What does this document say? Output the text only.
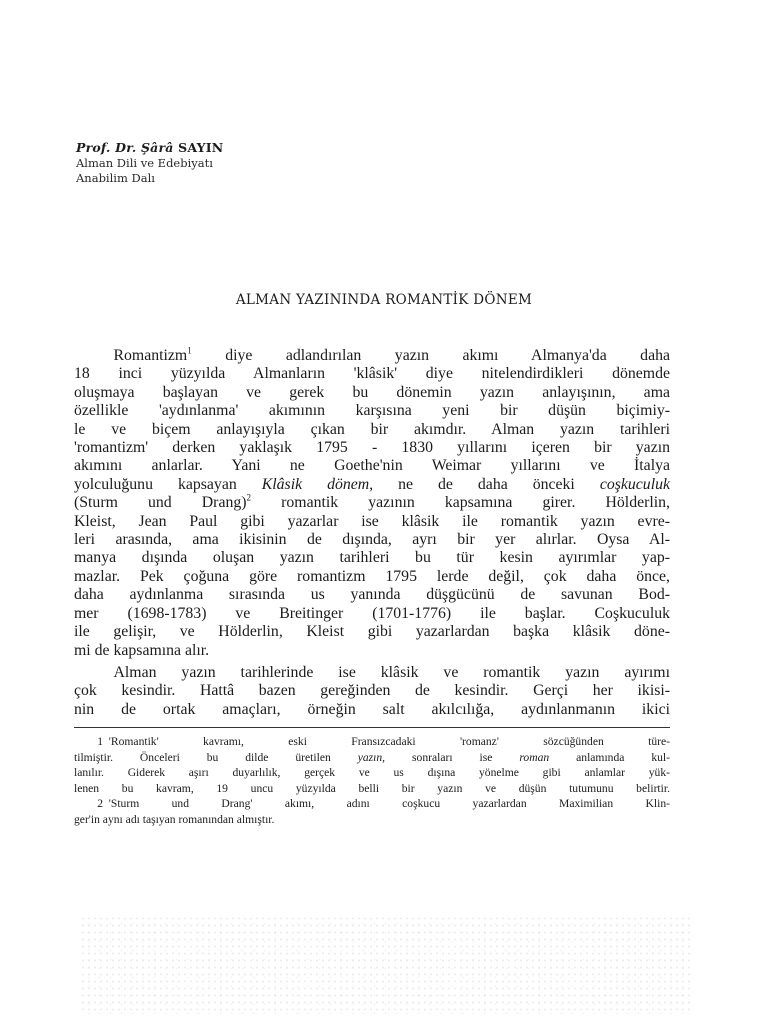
Prof. Dr. Şârâ SAYIN
Alman Dili ve Edebiyatı
Anabilim Dalı
ALMAN YAZININDA ROMANTİK DÖNEM
   Romantizm$^1$ diye adlandırılan yazın akımı Almanya'da daha
18 inci yüzyılda Almanların 'klâsik' diye nitelendirdikleri dönemde
oluşmaya başlayan ve gerek bu dönemin yazın anlayışının, ama
özellikle 'aydınlanma' akımının karşısına yeni bir düşün biçimiy-
le ve biçem anlayışıyla çıkan bir akımdır. Alman yazın tarihleri
'romantizm' derken yaklaşık 1795 - 1830 yıllarını içeren bir yazın
akımını anlarlar. Yani ne Goethe'nin Weimar yıllarını ve İtalya
yolculuğunu kapsayan Klâsik dönem, ne de daha önceki coşkuculuk
(Sturm und Drang)$^2$ romantik yazının kapsamına girer. Hölderlin,
Kleist, Jean Paul gibi yazarlar ise klâsik ile romantik yazın evre-
leri arasında, ama ikisinin de dışında, ayrı bir yer alırlar. Oysa Al-
manya dışında oluşan yazın tarihleri bu tür kesin ayırımlar yap-
mazlar. Pek çoğuna göre romantizm 1795 lerde değil, çok daha önce,
daha aydınlanma sırasında us yanında düşgücünü de savunan Bod-
mer (1698-1783) ve Breitinger (1701-1776) ile başlar. Coşkuculuk
ile gelişir, ve Hölderlin, Kleist gibi yazarlardan başka klâsik döne-
mi de kapsamına alır.
   Alman yazın tarihlerinde ise klâsik ve romantik yazın ayırımı
çok kesindir. Hattâ bazen gereğinden de kesindir. Gerçi her ikisi-
nin de ortak amaçları, örneğin salt akılcılığa, aydınlanmanın ikici
  1  'Romantik' kavramı, eski Fransızcadaki 'romanz' sözcüğünden türe-
tilmiştir. Önceleri bu dilde üretilen yazın, sonraları ise roman anlamında kul-
lanılır. Giderek aşırı duyarlılık, gerçek ve us dışına yönelme gibi anlamlar yük-
lenen bu kavram, 19 uncu yüzyılda belli bir yazın ve düşün tutumunu belirtir.
  2  'Sturm und Drang' akımı, adını coşkucu yazarlardan Maximilian Klin-
ger'in aynı adı taşıyan romanından almıştır.
